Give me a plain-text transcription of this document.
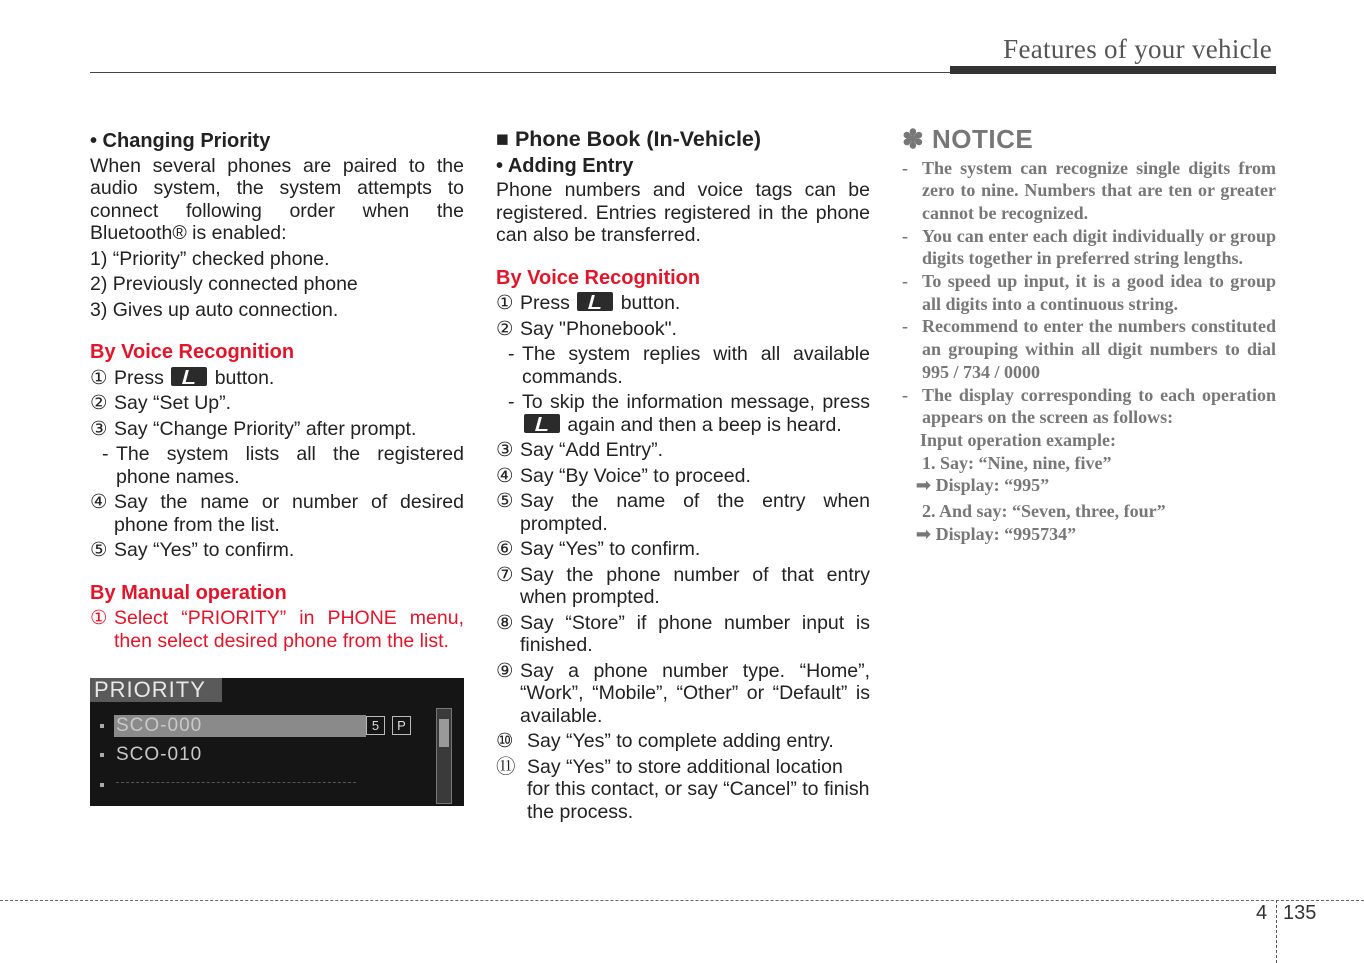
Features of your vehicle
• Changing Priority
When several phones are paired to the audio system, the system attempts to connect following order when the Bluetooth® is enabled:
1) “Priority” checked phone.
2) Previously connected phone
3) Gives up auto connection.
By Voice Recognition
① Press	button.
② Say “Set Up”.
③ Say “Change Priority” after prompt.
- The system lists all the registered phone names.
④ Say the name or number of desired phone from the list.
⑤ Say “Yes” to confirm.
By Manual operation
① Select “PRIORITY” in PHONE menu, then select desired phone from the list.
PRIORITY
SCO-000	5	P
SCO-010
■ Phone Book (In-Vehicle)
• Adding Entry
Phone numbers and voice tags can be registered. Entries registered in the phone can also be transferred.
By Voice Recognition
① Press	button.
② Say "Phonebook".
- The system replies with all available commands.
- To skip the information message, press  again and then a beep is heard.
③ Say “Add Entry”.
④ Say “By Voice” to proceed.
⑤ Say the name of the entry when prompted.
⑥ Say “Yes” to confirm.
⑦ Say the phone number of that entry when prompted.
⑧ Say “Store” if phone number input is finished.
⑨ Say a phone number type. “Home”, “Work”, “Mobile”, “Other” or “Default” is available.
⑩ Say “Yes” to complete adding entry.
⑪ Say “Yes” to store additional location for this contact, or say “Cancel” to finish the process.
✽ NOTICE
- The system can recognize single digits from zero to nine. Numbers that are ten or greater cannot be recognized.
- You can enter each digit individually or group digits together in preferred string lengths.
- To speed up input, it is a good idea to group all digits into a continuous string.
- Recommend to enter the numbers constituted an grouping within all digit numbers to dial 995 / 734 / 0000
- The display corresponding to each operation appears on the screen as follows:
Input operation example:
1. Say: “Nine, nine, five”
➟ Display: “995”
2. And say: “Seven, three, four”
➟ Display: “995734”
4 135
